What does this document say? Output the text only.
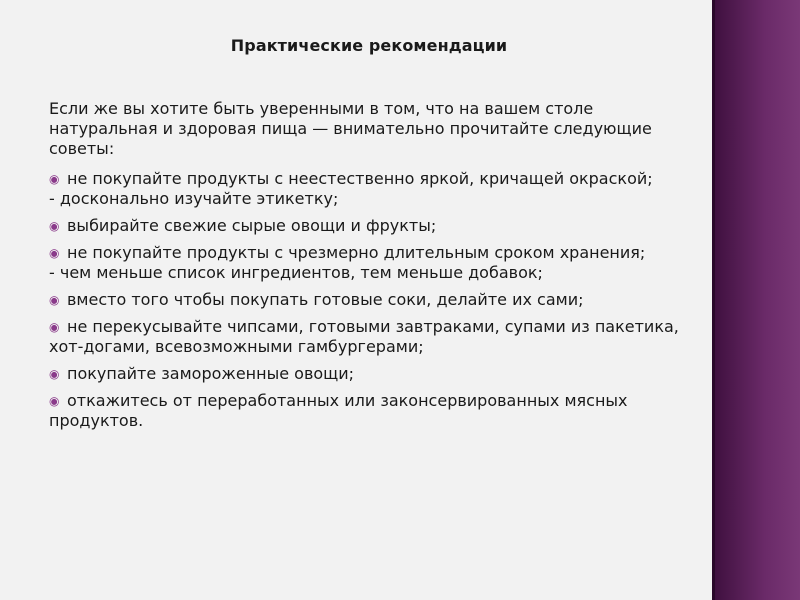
Практические рекомендации
Если же вы хотите быть уверенными в том, что на вашем столе натуральная и здоровая пища — внимательно прочитайте следующие советы:
◉ не покупайте продукты с неестественно яркой, кричащей окраской;
- досконально изучайте этикетку;
◉ выбирайте свежие сырые овощи и фрукты;
◉ не покупайте продукты с чрезмерно длительным сроком хранения;
- чем меньше список ингредиентов, тем меньше добавок;
◉ вместо того чтобы покупать готовые соки, делайте их сами;
◉ не перекусывайте чипсами, готовыми завтраками, супами из пакетика, хот-догами, всевозможными гамбургерами;
◉ покупайте замороженные овощи;
◉ откажитесь от переработанных или законсервированных мясных продуктов.
